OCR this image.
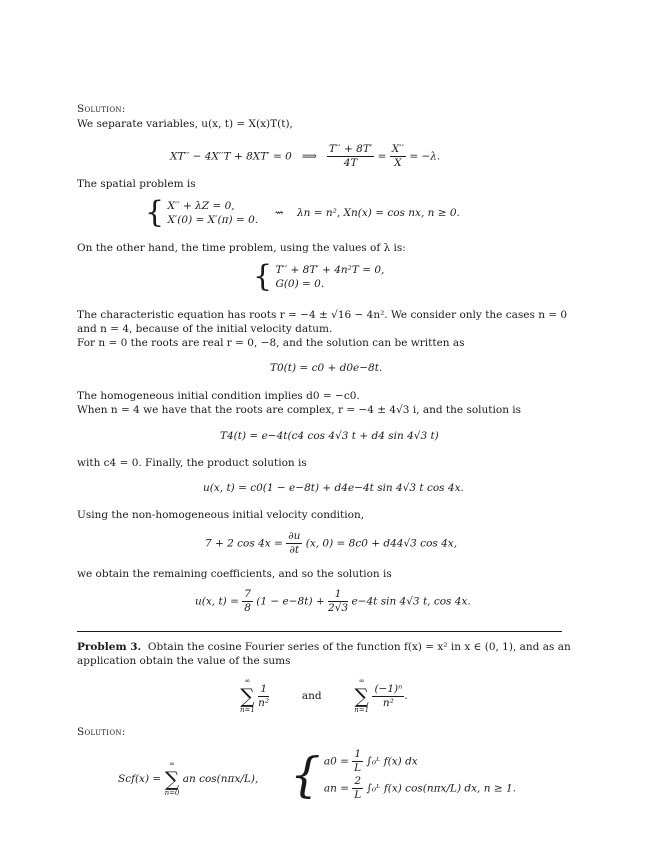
Solution:
We separate variables, u(x, t) = X(x)T(t),
XT′′ − 4X′′T + 8XT′ = 0 ⟹ $\frac{T'' + 8T'}{4T} = \frac{X''}{X} = -\lambda$.
The spatial problem is
{ X′′ + λZ = 0,
X′(0) = X′(π) = 0.
⇝ λn = n², Xn(x) = cos nx, n ≥ 0.
On the other hand, the time problem, using the values of λ is:
{ T′′ + 8T′ + 4n²T = 0,
G(0) = 0.
The characteristic equation has roots r = −4 ± √16 − 4n². We consider only the cases n = 0
and n = 4, because of the initial velocity datum.
For n = 0 the roots are real r = 0, −8, and the solution can be written as
T0(t) = c0 + d0e−8t.
The homogeneous initial condition implies d0 = −c0.
When n = 4 we have that the roots are complex, r = −4 ± 4√3 i, and the solution is
T4(t) = e−4t(c4 cos 4√3 t + d4 sin 4√3 t)
with c4 = 0. Finally, the product solution is
u(x, t) = c0(1 − e−8t) + d4e−4t sin 4√3 t cos 4x.
Using the non-homogeneous initial velocity condition,
7 + 2 $\cos 4x = \frac{\partial u}{\partial t} (x$, 0) = 8c0 + d44√3 cos 4x,
we obtain the remaining coefficients, and so the solution is
u(x, $t) = \frac{7}{8} (1 - e-8t) + \frac{1}{2√3} e-4t$ sin 4√3 t, cos 4x.
Problem 3. Obtain the cosine Fourier series of the function f(x) = x² in x ∈ (0, 1), and as an
application obtain the value of the sums
∞
∑
n=1

$\frac{1}{\text{n²}}$	and
∞
∑
n=1

$\frac{\text{(−1)ⁿ}}{\text{n²}}$ .
Solution:
Scf(x) =
∞
∑
n=0
an cos(nπx/L), { $a0 = \frac{1}{L}$ ∫₀ᴸ f(x) dx
an = $\frac{2}{L}$ ∫₀ᴸ f(x) cos(nπx/L) dx, n ≥ 1.
